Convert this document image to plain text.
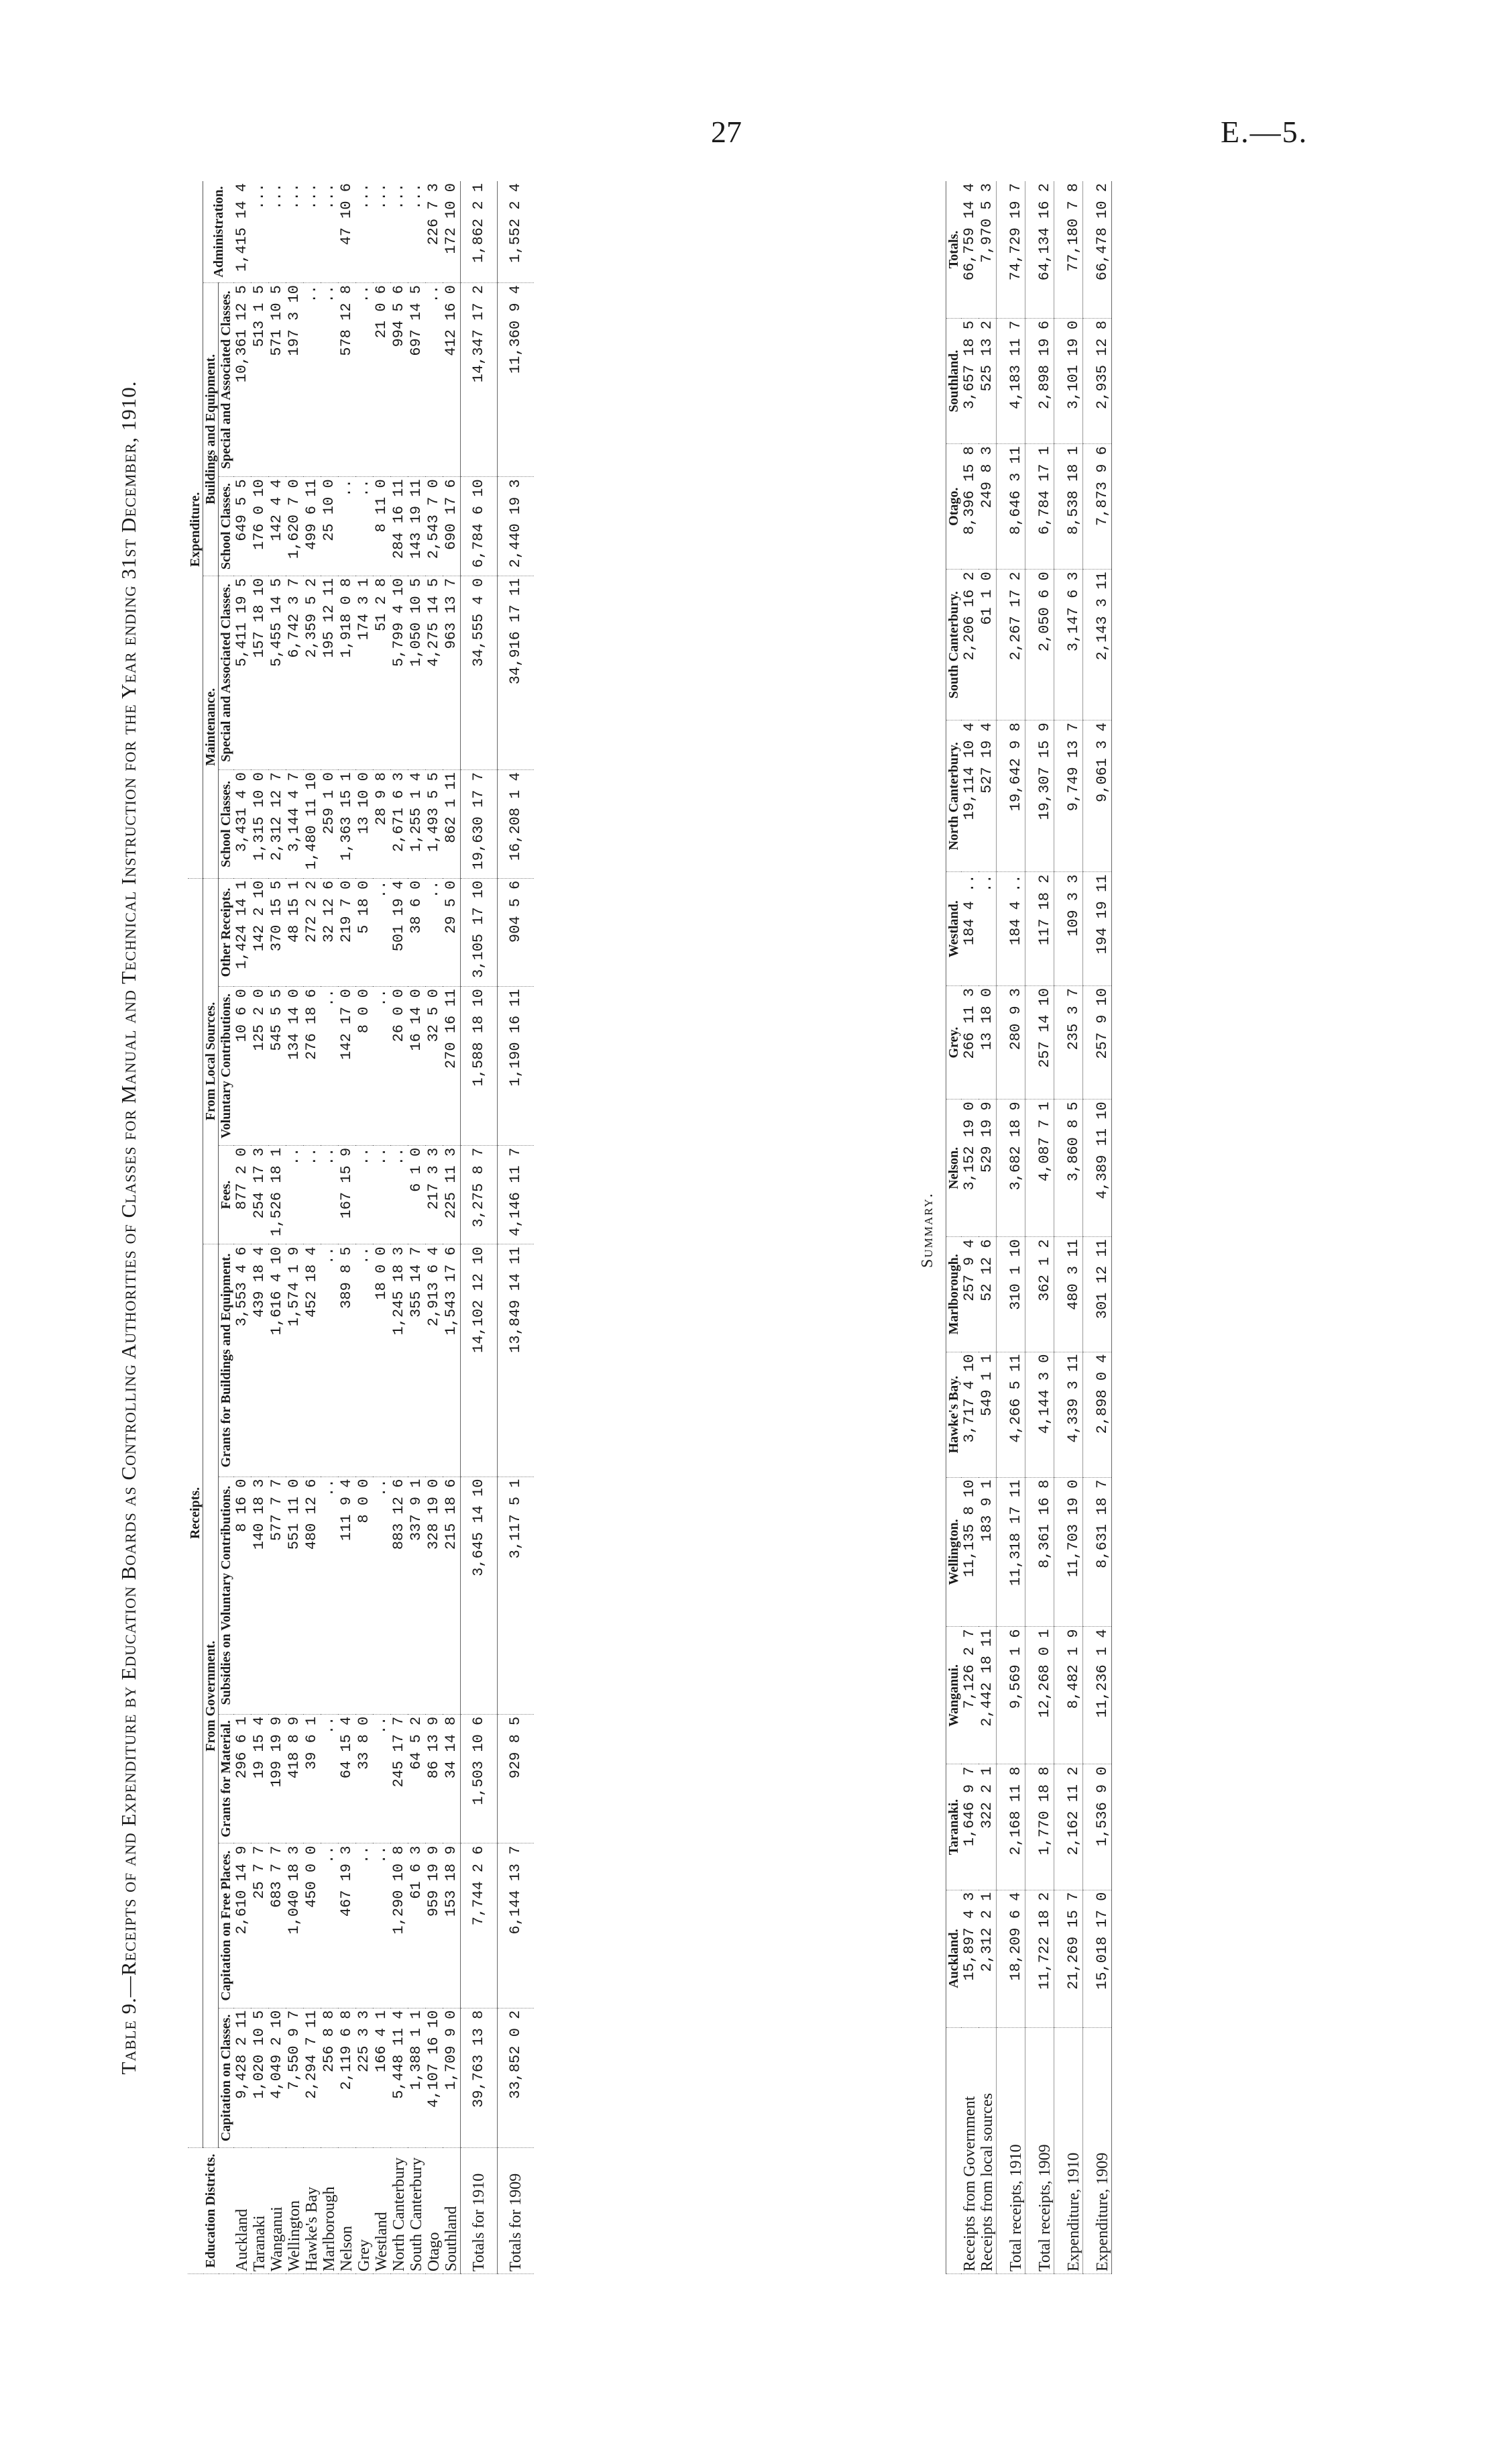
27	E.—5.
Table 9.—Receipts of and Expenditure by Education Boards as Controlling Authorities of Classes for Manual and Technical Instruction for the Year ending 31st December, 1910.
Education Districts.	Receipts.								Expenditure.				
	From Government.					From Local Sources.			Maintenance.		Buildings and Equipment.		Administration.
	Capitation on Classes.	Capitation on Free Places.	Grants for Material.	Subsidies on Voluntary Contributions.	Grants for Buildings and Equipment.	Fees.	Voluntary Contributions.	Other Receipts.	School Classes.	Special and Associated Classes.	School Classes.	Special and Associated Classes.	
Auckland	9,428 2 11	2,610 14 9	296 6 1	8 16 0	3,553 4 6	877 2 0	10 6 0	1,424 14 1	3,431 4 0	5,411 19 5	649 5 5	10,361 12 5	1,415 14 4
Taranaki	1,020 10 5	25 7 7	19 15 4	140 18 3	439 18 4	254 17 3	125 2 0	142 2 10	1,315 10 0	157 18 10	176 0 10	513 1 5	...
Wanganui	4,049 2 10	683 7 7	199 19 9	577 7 7	1,616 4 10	1,526 18 1	545 5 5	370 15 5	2,312 12 7	5,455 14 5	142 4 4	571 10 5	...
Wellington	7,550 9 7	1,040 18 3	418 8 9	551 11 0	1,574 1 9	..	134 14 0	48 15 1	3,144 4 7	6,742 3 7	1,620 7 0	197 3 10	...
Hawke's Bay	2,294 7 11	450 0 0	39 6 1	480 12 6	452 18 4	..	276 18 6	272 2 2	1,480 11 10	2,359 5 2	499 6 11	..	...
Marlborough	256 8 8	..	..	..	..	..	..	32 12 6	259 1 0	195 12 11	25 10 0	..	...
Nelson	2,119 6 8	467 19 3	64 15 4	111 9 4	389 8 5	167 15 9	142 17 0	219 7 0	1,363 15 1	1,918 0 8	..	578 12 8	47 10 6
Grey	225 3 3	..	33 8 0	8 0 0	..	..	8 0 0	5 18 0	13 10 0	174 3 1	..	..	...
Westland	166 4 1	..	..	..	18 0 0	..	..	..	28 9 8	51 2 8	8 11 0	21 0 6	...
North Canterbury	5,448 11 4	1,290 10 8	245 17 7	883 12 6	1,245 18 3	..	26 0 0	501 19 4	2,671 6 3	5,799 4 10	284 16 11	994 5 6	...
South Canterbury	1,388 1 1	61 6 3	64 5 2	337 9 1	355 14 7	6 1 0	16 14 0	38 6 0	1,255 1 4	1,050 10 5	143 19 11	697 14 5	...
Otago	4,107 16 10	959 19 9	86 13 9	328 19 0	2,913 6 4	217 3 3	32 5 0	..	1,493 5 5	4,275 14 5	2,543 7 0	..	226 7 3
Southland	1,709 9 0	153 18 9	34 14 8	215 18 6	1,543 17 6	225 11 3	270 16 11	29 5 0	862 1 11	963 13 7	690 17 6	412 16 0	172 10 0
Totals for 1910	39,763 13 8	7,744 2 6	1,503 10 6	3,645 14 10	14,102 12 10	3,275 8 7	1,588 18 10	3,105 17 10	19,630 17 7	34,555 4 0	6,784 6 10	14,347 17 2	1,862 2 1
Totals for 1909	33,852 0 2	6,144 13 7	929 8 5	3,117 5 1	13,849 14 11	4,146 11 7	1,190 16 11	904 5 6	16,208 1 4	34,916 17 11	2,440 19 3	11,360 9 4	1,552 2 4
Summary.
	Auckland.	Taranaki.	Wanganui.	Wellington.	Hawke's Bay.	Marlborough.	Nelson.	Grey.	Westland.	North Canterbury.	South Canterbury.	Otago.	Southland.	Totals.
Receipts from Government	15,897 4 3	1,646 9 7	7,126 2 7	11,135 8 10	3,717 4 10	257 9 4	3,152 19 0	266 11 3	184 4 ..	19,114 10 4	2,206 16 2	8,396 15 8	3,657 18 5	66,759 14 4
Receipts from local sources	2,312 2 1	322 2 1	2,442 18 11	183 9 1	549 1 1	52 12 6	529 19 9	13 18 0	..	527 19 4	61 1 0	249 8 3	525 13 2	7,970 5 3
Total receipts, 1910	18,209 6 4	2,168 11 8	9,569 1 6	11,318 17 11	4,266 5 11	310 1 10	3,682 18 9	280 9 3	184 4 ..	19,642 9 8	2,267 17 2	8,646 3 11	4,183 11 7	74,729 19 7
Total receipts, 1909	11,722 18 2	1,770 18 8	12,268 0 1	8,361 16 8	4,144 3 0	362 1 2	4,087 7 1	257 14 10	117 18 2	19,307 15 9	2,050 6 0	6,784 17 1	2,898 19 6	64,134 16 2
Expenditure, 1910	21,269 15 7	2,162 11 2	8,482 1 9	11,703 19 0	4,339 3 11	480 3 11	3,860 8 5	235 3 7	109 3 3	9,749 13 7	3,147 6 3	8,538 18 1	3,101 19 0	77,180 7 8
Expenditure, 1909	15,018 17 0	1,536 9 0	11,236 1 4	8,631 18 7	2,898 0 4	301 12 11	4,389 11 10	257 9 10	194 19 11	9,061 3 4	2,143 3 11	7,873 9 6	2,935 12 8	66,478 10 2
